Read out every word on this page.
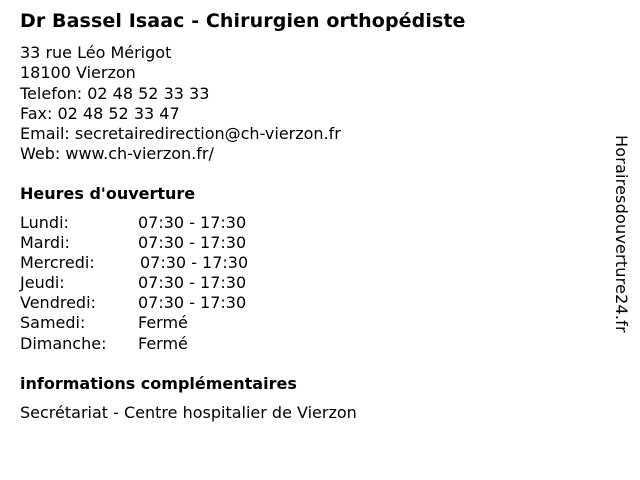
Dr Bassel Isaac - Chirurgien orthopédiste
33 rue Léo Mérigot
18100 Vierzon
Telefon: 02 48 52 33 33
Fax: 02 48 52 33 47
Email: secretairedirection@ch-vierzon.fr
Web: www.ch-vierzon.fr/
Heures d'ouverture
Lundi:	07:30 - 17:30
Mardi:	07:30 - 17:30
Mercredi:	07:30 - 17:30
Jeudi:	07:30 - 17:30
Vendredi:	07:30 - 17:30
Samedi:	Fermé
Dimanche: Fermé
informations complémentaires
Secrétariat - Centre hospitalier de Vierzon
Horairesdouverture24.fr
